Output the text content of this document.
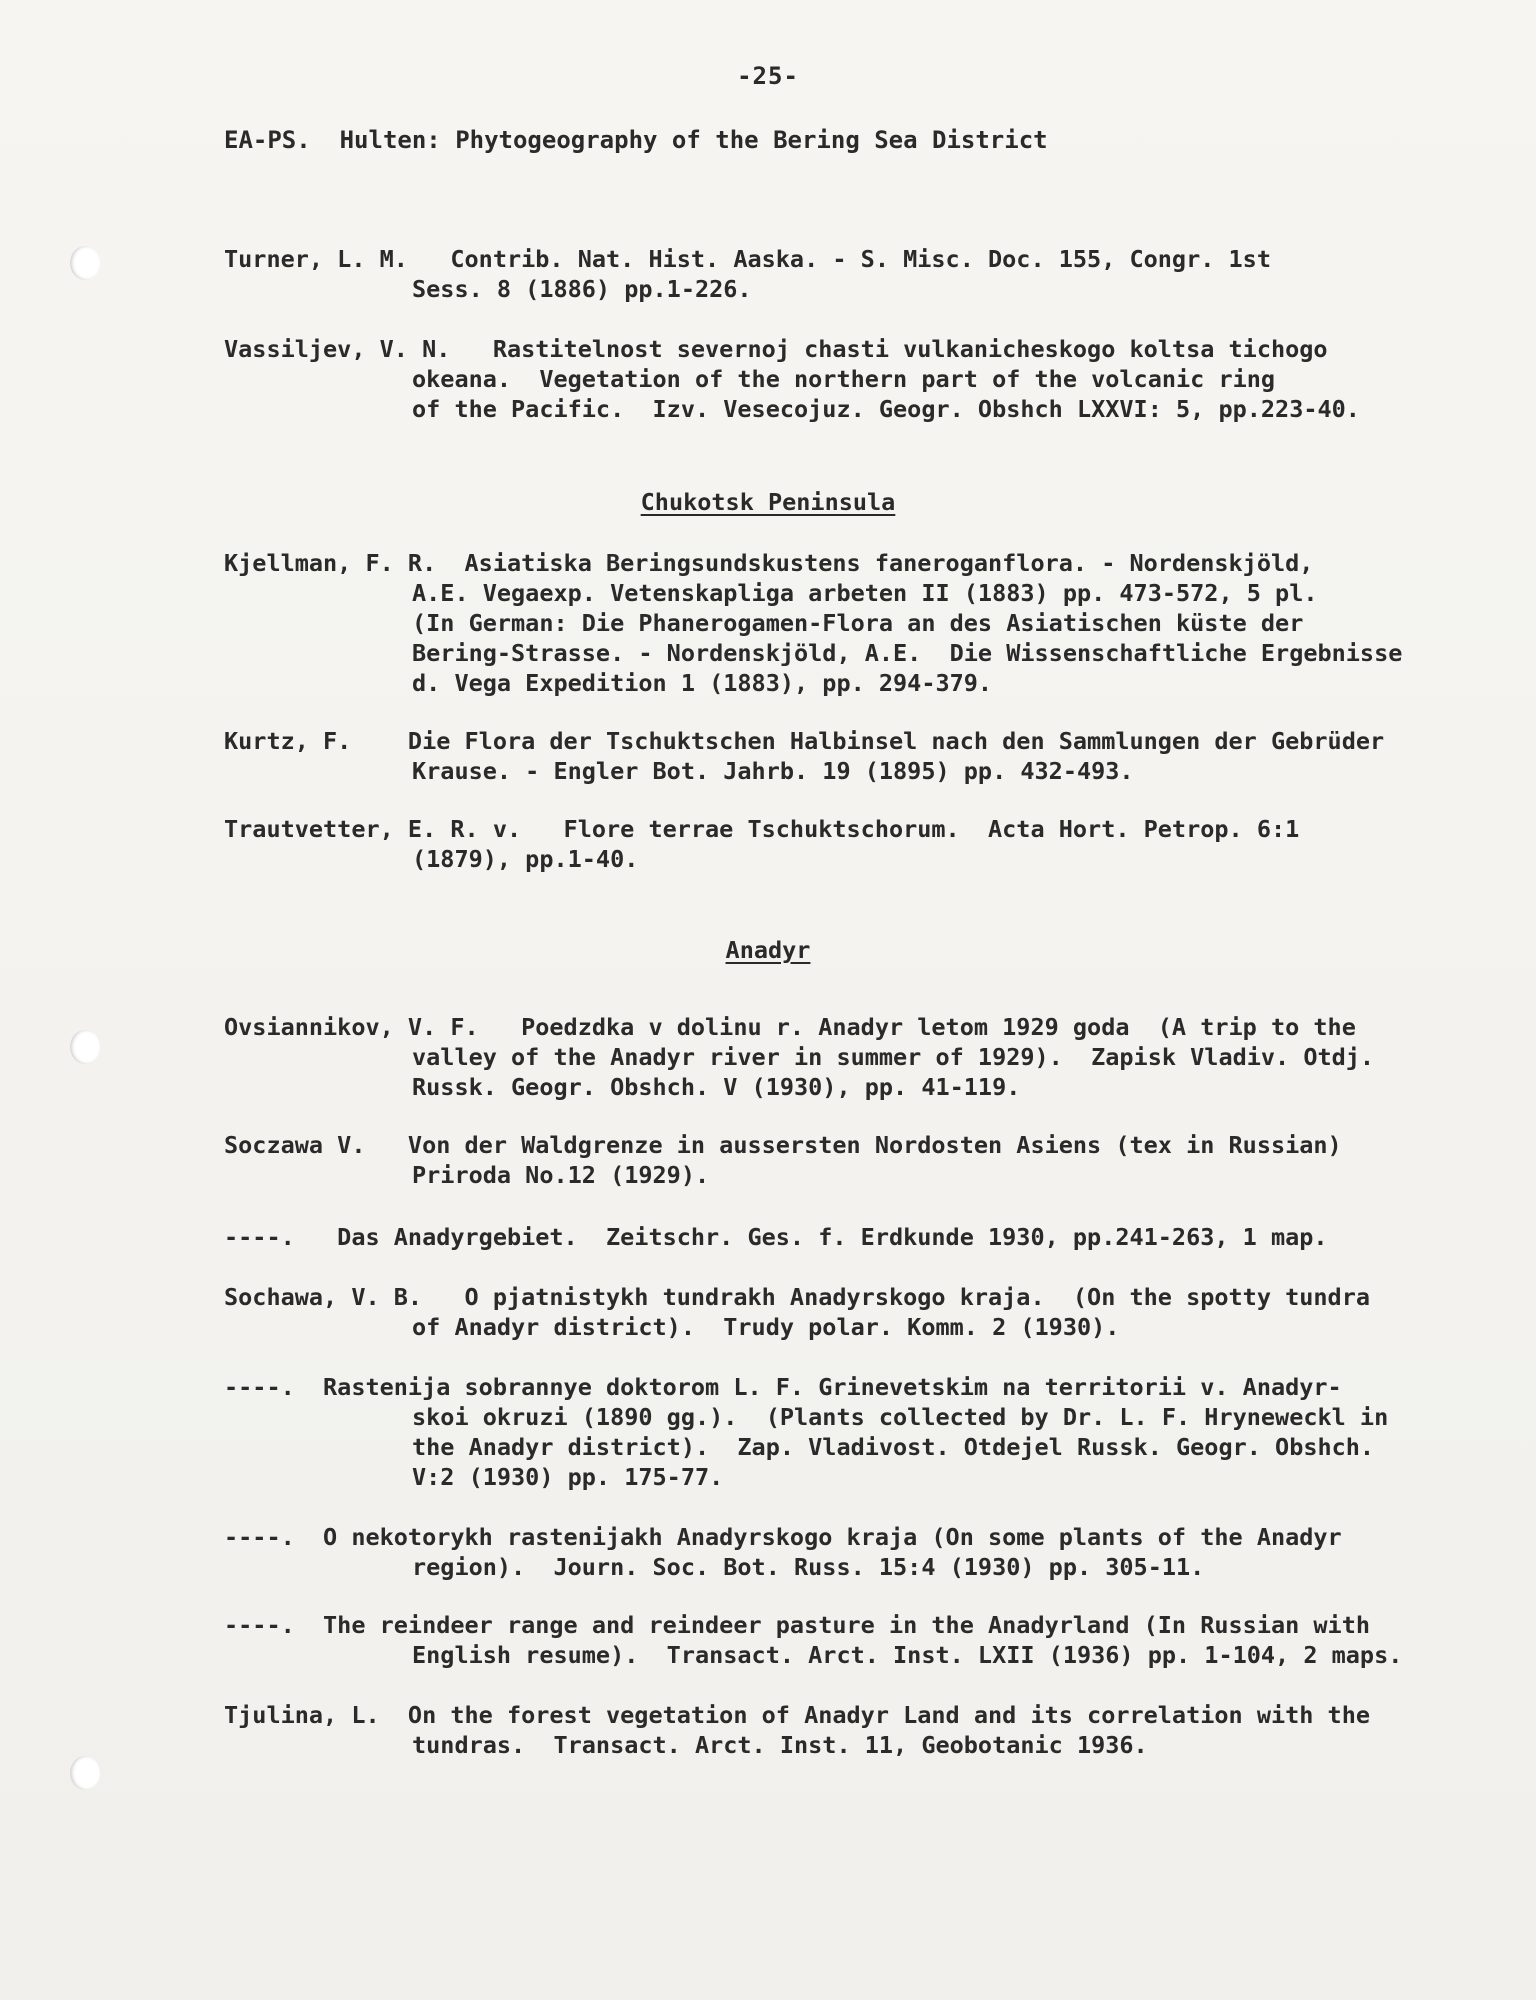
-25-
EA-PS.  Hulten: Phytogeography of the Bering Sea District
Turner, L. M.   Contrib. Nat. Hist. Aaska. - S. Misc. Doc. 155, Congr. 1st
Sess. 8 (1886) pp.1-226.
Vassiljev, V. N.   Rastitelnost severnoj chasti vulkanicheskogo koltsa tichogo
okeana.  Vegetation of the northern part of the volcanic ring
of the Pacific.  Izv. Vesecojuz. Geogr. Obshch LXXVI: 5, pp.223-40.
Chukotsk Peninsula
Kjellman, F. R.  Asiatiska Beringsundskustens faneroganflora. - Nordenskjöld,
A.E. Vegaexp. Vetenskapliga arbeten II (1883) pp. 473-572, 5 pl.
(In German: Die Phanerogamen-Flora an des Asiatischen küste der
Bering-Strasse. - Nordenskjöld, A.E.  Die Wissenschaftliche Ergebnisse
d. Vega Expedition 1 (1883), pp. 294-379.
Kurtz, F.    Die Flora der Tschuktschen Halbinsel nach den Sammlungen der Gebrüder
Krause. - Engler Bot. Jahrb. 19 (1895) pp. 432-493.
Trautvetter, E. R. v.   Flore terrae Tschuktschorum.  Acta Hort. Petrop. 6:1
(1879), pp.1-40.
Anadyr
Ovsiannikov, V. F.   Poedzdka v dolinu r. Anadyr letom 1929 goda  (A trip to the
valley of the Anadyr river in summer of 1929).  Zapisk Vladiv. Otdj.
Russk. Geogr. Obshch. V (1930), pp. 41-119.
Soczawa V.   Von der Waldgrenze in aussersten Nordosten Asiens (tex in Russian)
Priroda No.12 (1929).
----.   Das Anadyrgebiet.  Zeitschr. Ges. f. Erdkunde 1930, pp.241-263, 1 map.
Sochawa, V. B.   O pjatnistykh tundrakh Anadyrskogo kraja.  (On the spotty tundra
of Anadyr district).  Trudy polar. Komm. 2 (1930).
----.  Rastenija sobrannye doktorom L. F. Grinevetskim na territorii v. Anadyr-
skoi okruzi (1890 gg.).  (Plants collected by Dr. L. F. Hryneweckl in
the Anadyr district).  Zap. Vladivost. Otdejel Russk. Geogr. Obshch.
V:2 (1930) pp. 175-77.
----.  O nekotorykh rastenijakh Anadyrskogo kraja (On some plants of the Anadyr
region).  Journ. Soc. Bot. Russ. 15:4 (1930) pp. 305-11.
----.  The reindeer range and reindeer pasture in the Anadyrland (In Russian with
English resume).  Transact. Arct. Inst. LXII (1936) pp. 1-104, 2 maps.
Tjulina, L.  On the forest vegetation of Anadyr Land and its correlation with the
tundras.  Transact. Arct. Inst. 11, Geobotanic 1936.
